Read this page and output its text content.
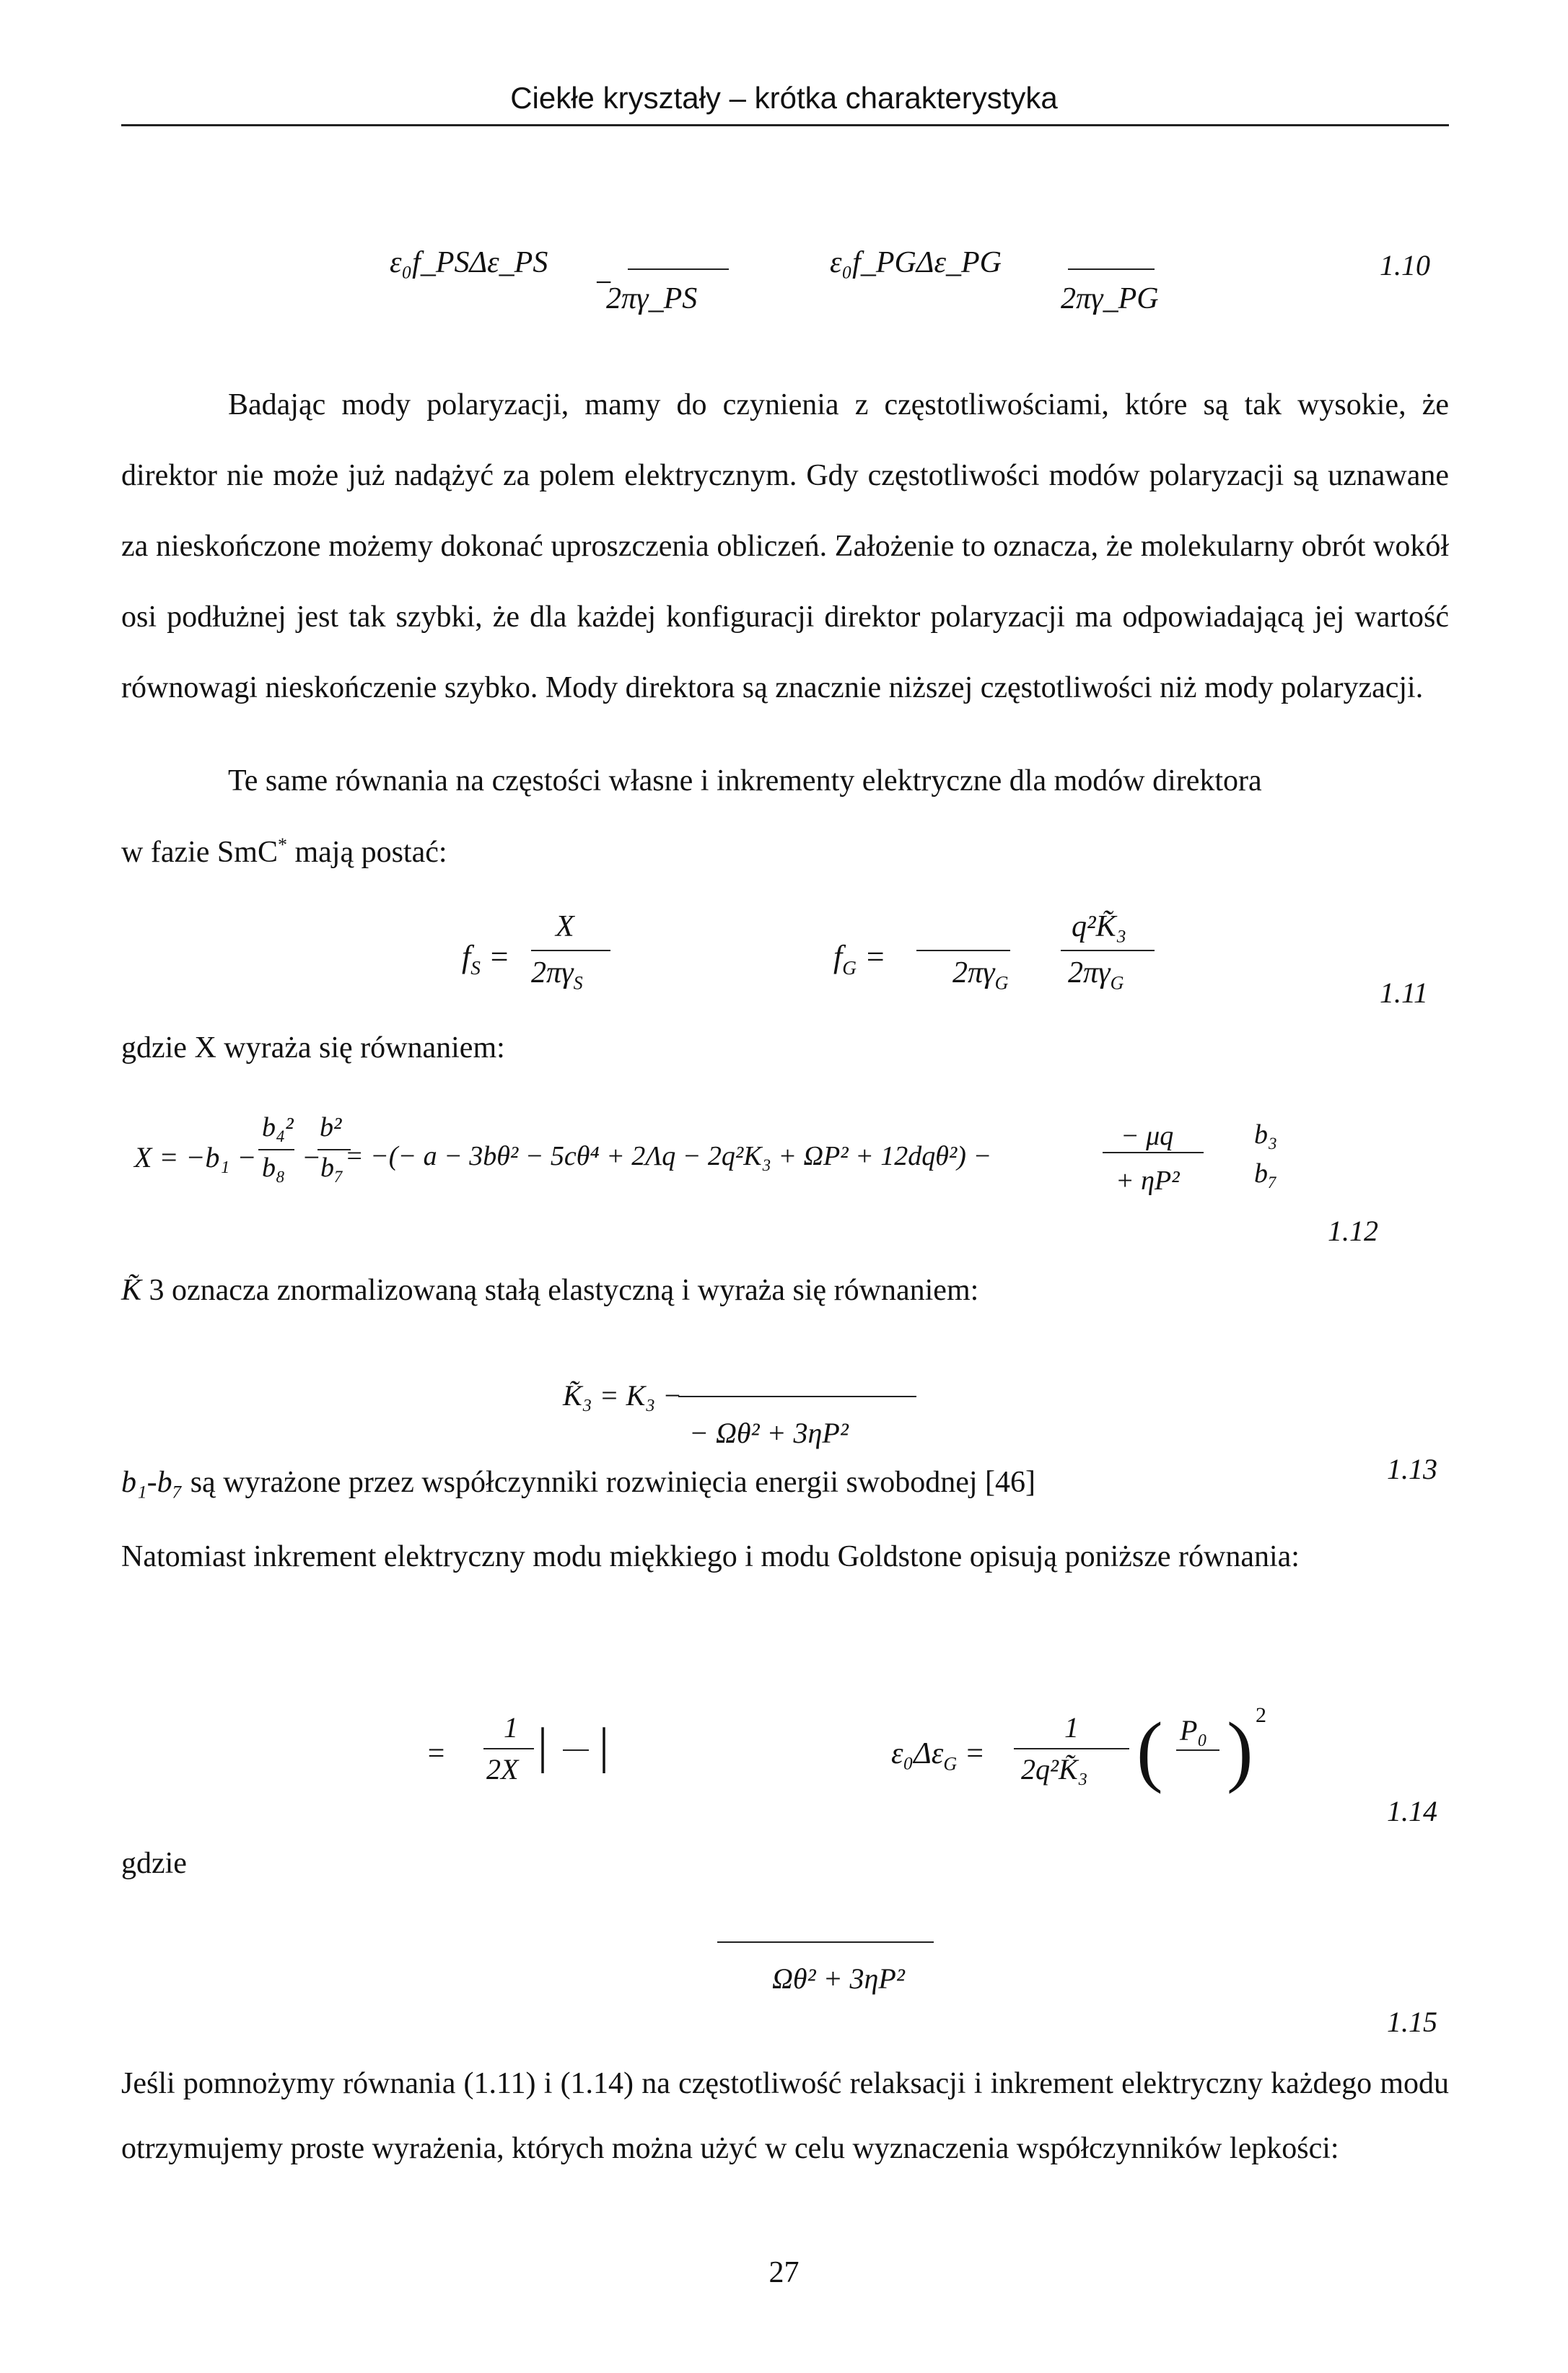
Ciekłe kryształy – krótka charakterystyka
ε₀f_PSΔε_PS
−
2πγ_PS
ε₀f_PGΔε_PG
2πγ_PG
1.10
Badając mody polaryzacji, mamy do czynienia z częstotliwościami, które są tak wysokie, że direktor nie może już nadążyć za polem elektrycznym. Gdy częstotliwości modów polaryzacji są uznawane za nieskończone możemy dokonać uproszczenia obliczeń. Założenie to oznacza, że molekularny obrót wokół osi podłużnej jest tak szybki, że dla każdej konfiguracji direktor polaryzacji ma odpowiadającą jej wartość równowagi nieskończenie szybko. Mody direktora są znacznie niższej częstotliwości niż mody polaryzacji.
Te same równania na częstości własne i inkrementy elektryczne dla modów direktora
w fazie SmC* mają postać:
$f_S$ =
X
$2\pi\gamma_S$
$f_G = 2\pi\gamma_G$
q²K̃₃
$2\pi\gamma_G$	1.11
gdzie X wyraża się równaniem:
X = −b₁ −
b₄²
b₈ −
b²
b₇ = −(− a − 3bθ² − 5cθ⁴ + 2Λq − 2q²K₃ + ΩP² + 12dqθ²) −
− μq
+ ηP²
b₃
b₇
1.12
K̃ 3 oznacza znormalizowaną stałą elastyczną i wyraża się równaniem:
K̃₃ = K₃ −
− Ωθ² + 3ηP²
1.13
b₁-b₇ są wyrażone przez współczynniki rozwinięcia energii swobodnej [46]
Natomiast inkrement elektryczny modu miękkiego i modu Goldstone opisują poniższe równania:
=
1
2X | |	$\varepsilon_0\Delta\varepsilon_G$ =
1
2q²K̃₃ ( P₀ ) 2
1.14
gdzie
Ωθ² + 3ηP²
1.15
Jeśli pomnożymy równania (1.11) i (1.14) na częstotliwość relaksacji i inkrement elektryczny każdego modu otrzymujemy proste wyrażenia, których można użyć w celu wyznaczenia współczynników lepkości:
27
